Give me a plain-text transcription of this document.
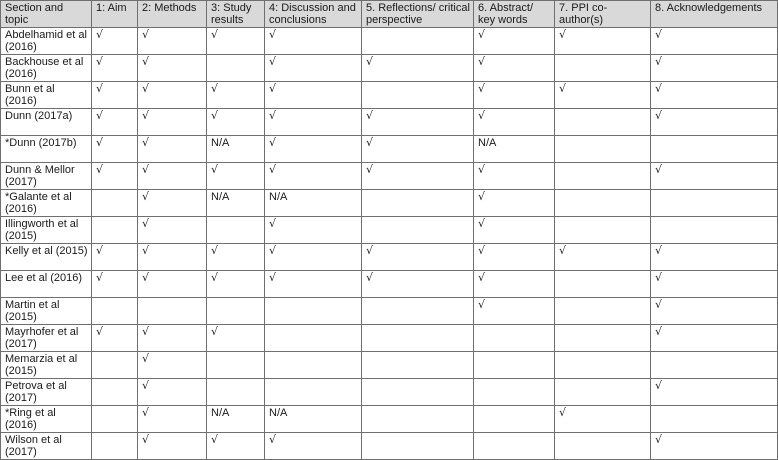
Section and topic	1: Aim	2: Methods	3: Study results	4: Discussion and conclusions	5. Reflections/ critical perspective	6. Abstract/ key words	7. PPI co-author(s)	8. Acknowledgements
Abdelhamid et al (2016)	√	√	√	√		√	√	√
Backhouse et al (2016)	√	√		√	√	√		√
Bunn et al (2016)	√	√	√	√		√	√	√
Dunn (2017a)	√	√	√	√	√	√		√
*Dunn (2017b)	√	√	N/A	√	√	N/A		
Dunn & Mellor (2017)	√	√	√	√	√	√		√
*Galante et al (2016)		√	N/A	N/A		√		
Illingworth et al (2015)		√		√		√		
Kelly et al (2015)	√	√	√	√	√	√	√	√
Lee et al (2016)	√	√	√	√	√	√		√
Martin et al (2015)						√		√
Mayrhofer et al (2017)	√	√	√					√
Memarzia et al (2015)		√						
Petrova et al (2017)		√						√
*Ring et al (2016)		√	N/A	N/A			√	
Wilson et al (2017)		√	√	√				√
